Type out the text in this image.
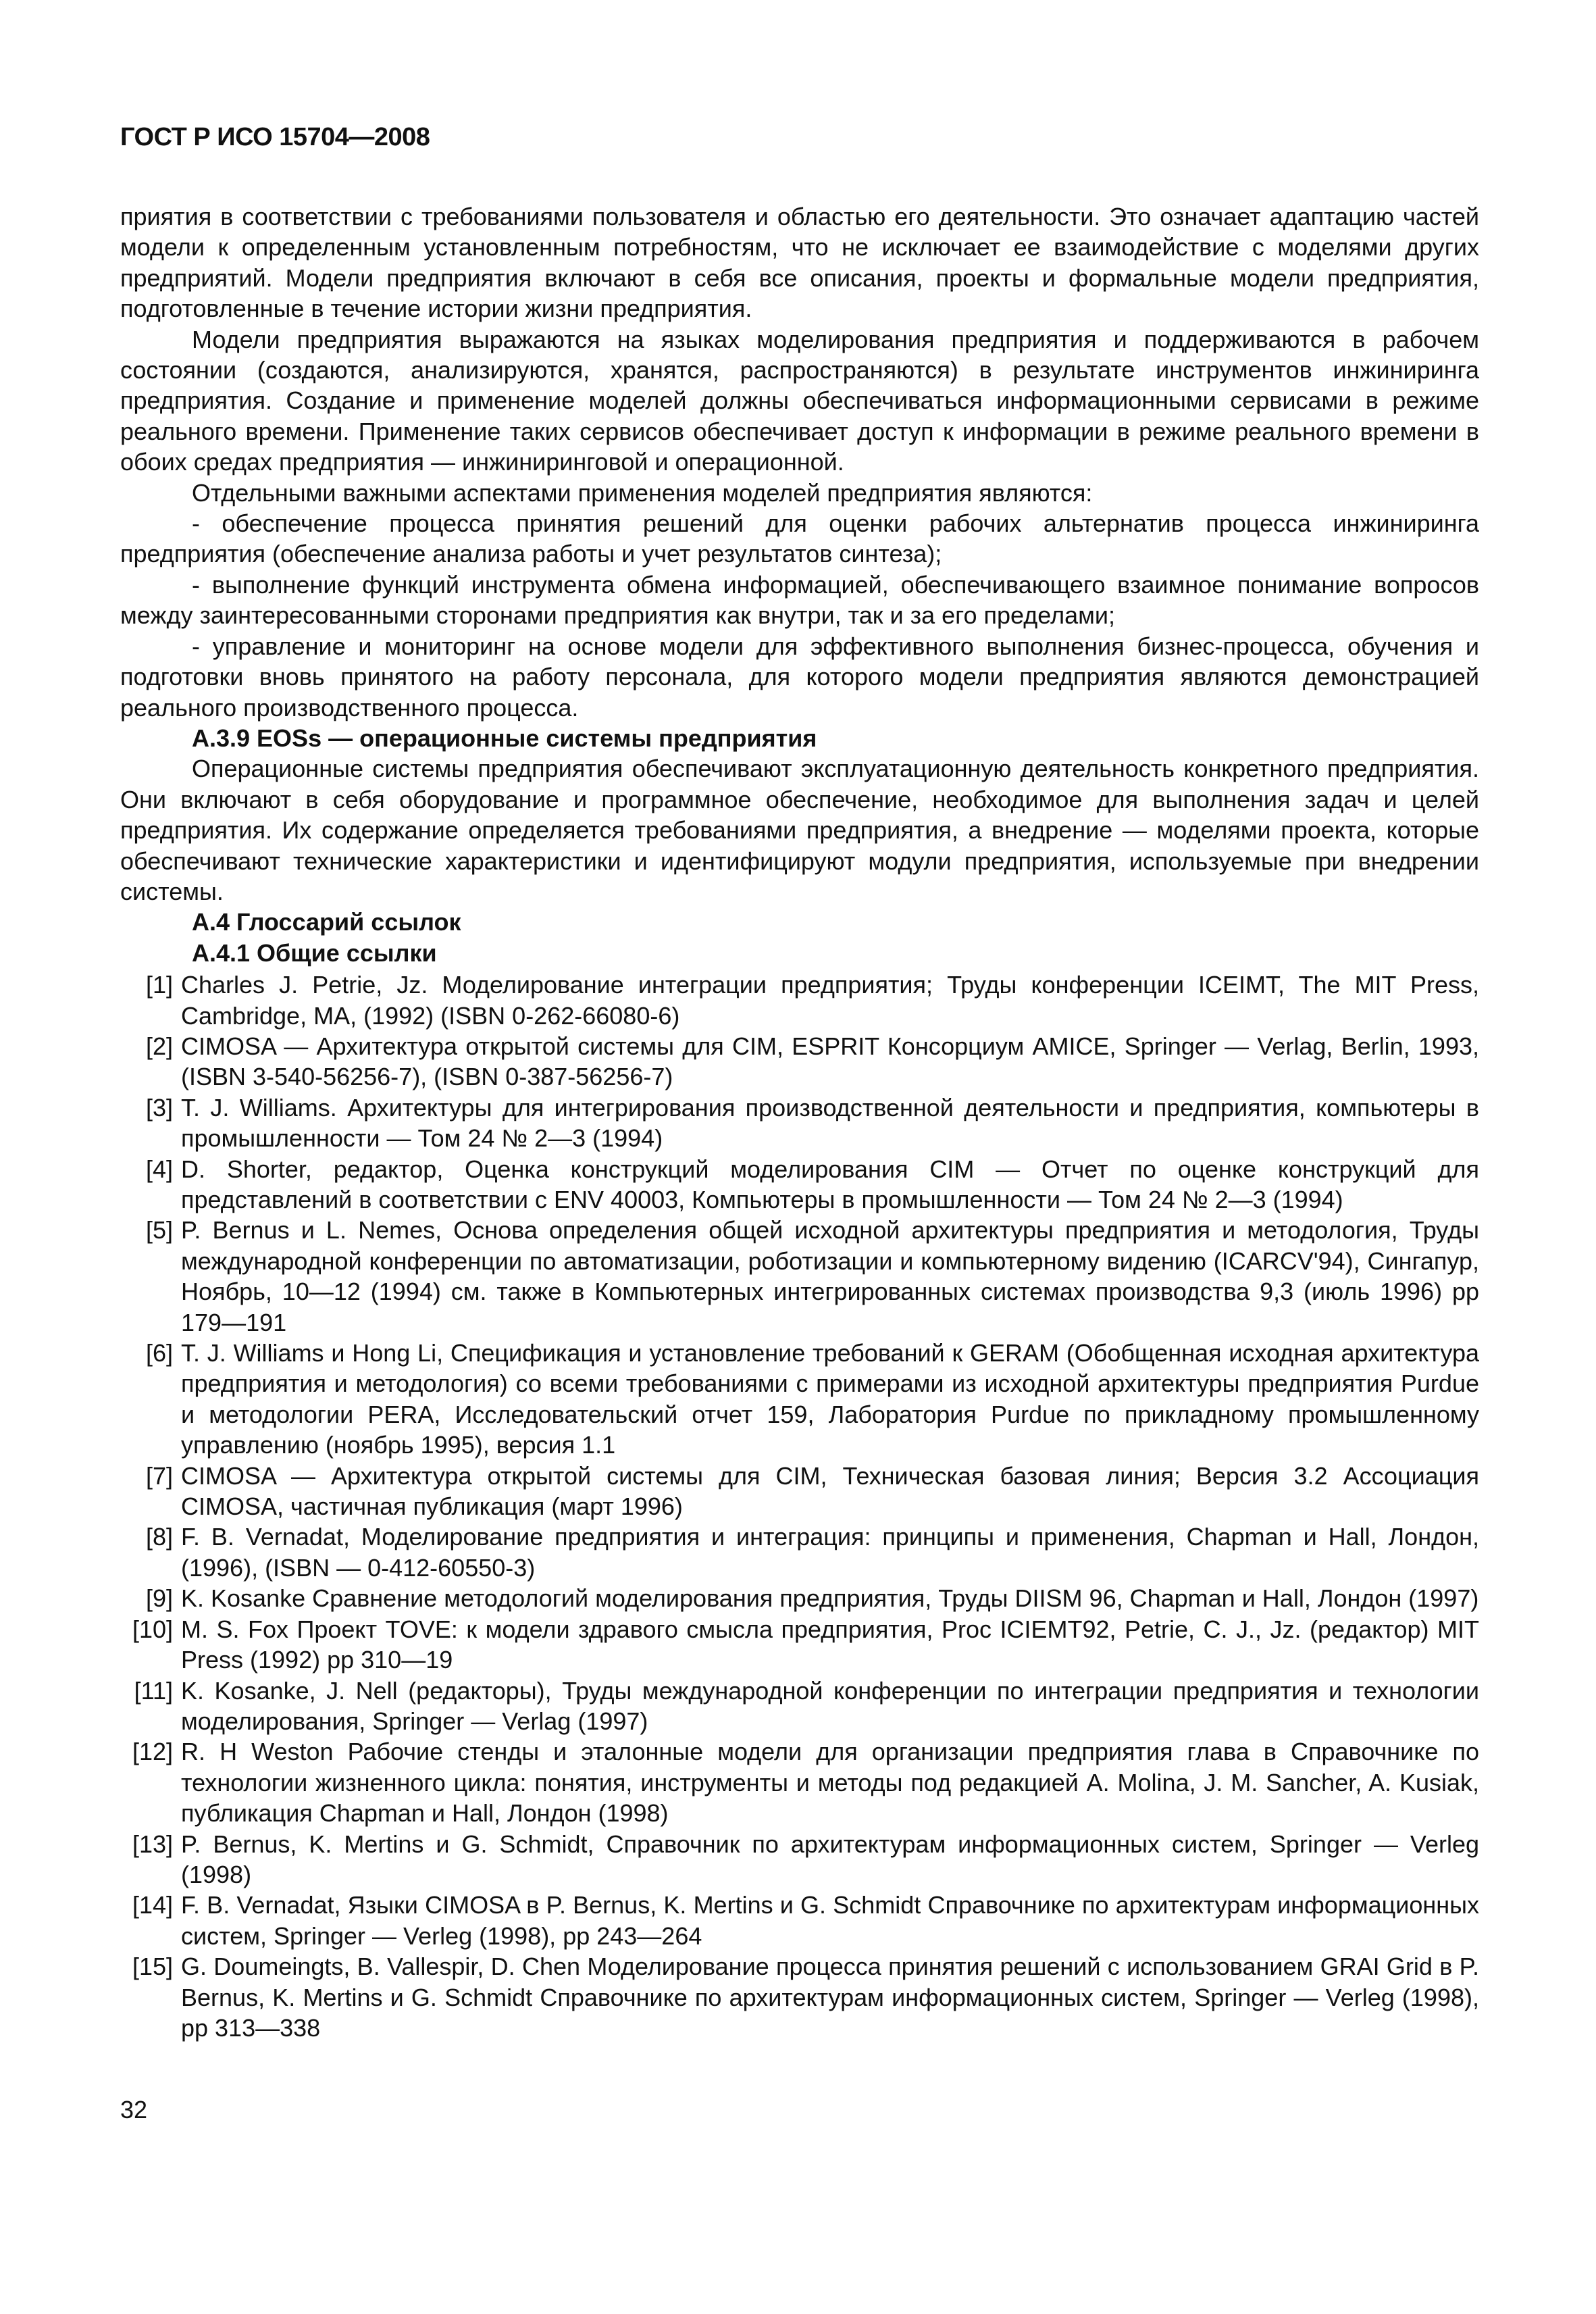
ГОСТ Р ИСО 15704—2008

приятия в соответствии с требованиями пользователя и областью его деятельности. Это означает адаптацию частей модели к определенным установленным потребностям, что не исключает ее взаимодействие с моделями других предприятий. Модели предприятия включают в себя все описания, проекты и формальные модели предприятия, подготовленные в течение истории жизни предприятия.

Модели предприятия выражаются на языках моделирования предприятия и поддерживаются в рабочем состоянии (создаются, анализируются, хранятся, распространяются) в результате инструментов инжиниринга предприятия. Создание и применение моделей должны обеспечиваться информационными сервисами в режиме реального времени. Применение таких сервисов обеспечивает доступ к информации в режиме реального времени в обоих средах предприятия — инжиниринговой и операционной.

Отдельными важными аспектами применения моделей предприятия являются:

- обеспечение процесса принятия решений для оценки рабочих альтернатив процесса инжиниринга предприятия (обеспечение анализа работы и учет результатов синтеза);

- выполнение функций инструмента обмена информацией, обеспечивающего взаимное понимание вопросов между заинтересованными сторонами предприятия как внутри, так и за его пределами;

- управление и мониторинг на основе модели для эффективного выполнения бизнес-процесса, обучения и подготовки вновь принятого на работу персонала, для которого модели предприятия являются демонстрацией реального производственного процесса.

А.3.9 EOSs — операционные системы предприятия

Операционные системы предприятия обеспечивают эксплуатационную деятельность конкретного предприятия. Они включают в себя оборудование и программное обеспечение, необходимое для выполнения задач и целей предприятия. Их содержание определяется требованиями предприятия, а внедрение — моделями проекта, которые обеспечивают технические характеристики и идентифицируют модули предприятия, используемые при внедрении системы.

А.4 Глоссарий ссылок

А.4.1 Общие ссылки

[1] Charles J. Petrie, Jz. Моделирование интеграции предприятия; Труды конференции ICEIMT, The MIT Press, Cambridge, MA, (1992) (ISBN 0-262-66080-6)
[2] CIMOSA — Архитектура открытой системы для CIM, ESPRIT Консорциум AMICE, Springer — Verlag, Berlin, 1993, (ISBN 3-540-56256-7), (ISBN 0-387-56256-7)
[3] T. J. Williams. Архитектуры для интегрирования производственной деятельности и предприятия, компьютеры в промышленности — Том 24 № 2—3 (1994)
[4] D. Shorter, редактор, Оценка конструкций моделирования CIM — Отчет по оценке конструкций для представлений в соответствии с ENV 40003, Компьютеры в промышленности — Том 24 № 2—3 (1994)
[5] P. Bernus и L. Nemes, Основа определения общей исходной архитектуры предприятия и методология, Труды международной конференции по автоматизации, роботизации и компьютерному видению (ICARCV'94), Сингапур, Ноябрь, 10—12 (1994) см. также в Компьютерных интегрированных системах производства 9,3 (июль 1996) pp 179—191
[6] T. J. Williams и Hong Li, Спецификация и установление требований к GERAM (Обобщенная исходная архитектура предприятия и методология) со всеми требованиями с примерами из исходной архитектуры предприятия Purdue и методологии PERA, Исследовательский отчет 159, Лаборатория Purdue по прикладному промышленному управлению (ноябрь 1995), версия 1.1
[7] CIMOSA — Архитектура открытой системы для CIM, Техническая базовая линия; Версия 3.2 Ассоциация CIMOSA, частичная публикация (март 1996)
[8] F. B. Vernadat, Моделирование предприятия и интеграция: принципы и применения, Chapman и Hall, Лондон, (1996), (ISBN — 0-412-60550-3)
[9] K. Kosanke Сравнение методологий моделирования предприятия, Труды DIISM 96, Chapman и Hall, Лондон (1997)
[10] M. S. Fox Проект TOVE: к модели здравого смысла предприятия, Proc ICIEMT92, Petrie, C. J., Jz. (редактор) MIT Press (1992) pp 310—19
[11] K. Kosanke, J. Nell (редакторы), Труды международной конференции по интеграции предприятия и технологии моделирования, Springer — Verlag (1997)
[12] R. H Weston Рабочие стенды и эталонные модели для организации предприятия глава в Справочнике по технологии жизненного цикла: понятия, инструменты и методы под редакцией A. Molina, J. M. Sancher, A. Kusiak, публикация Chapman и Hall, Лондон (1998)
[13] P. Bernus, K. Mertins и G. Schmidt, Справочник по архитектурам информационных систем, Springer — Verleg (1998)
[14] F. B. Vernadat, Языки CIMOSA в P. Bernus, K. Mertins и G. Schmidt Справочнике по архитектурам информационных систем, Springer — Verleg (1998), pp 243—264
[15] G. Doumeingts, B. Vallespir, D. Chen Моделирование процесса принятия решений с использованием GRAI Grid в P. Bernus, K. Mertins и G. Schmidt Справочнике по архитектурам информационных систем, Springer — Verleg (1998), pp 313—338
32
